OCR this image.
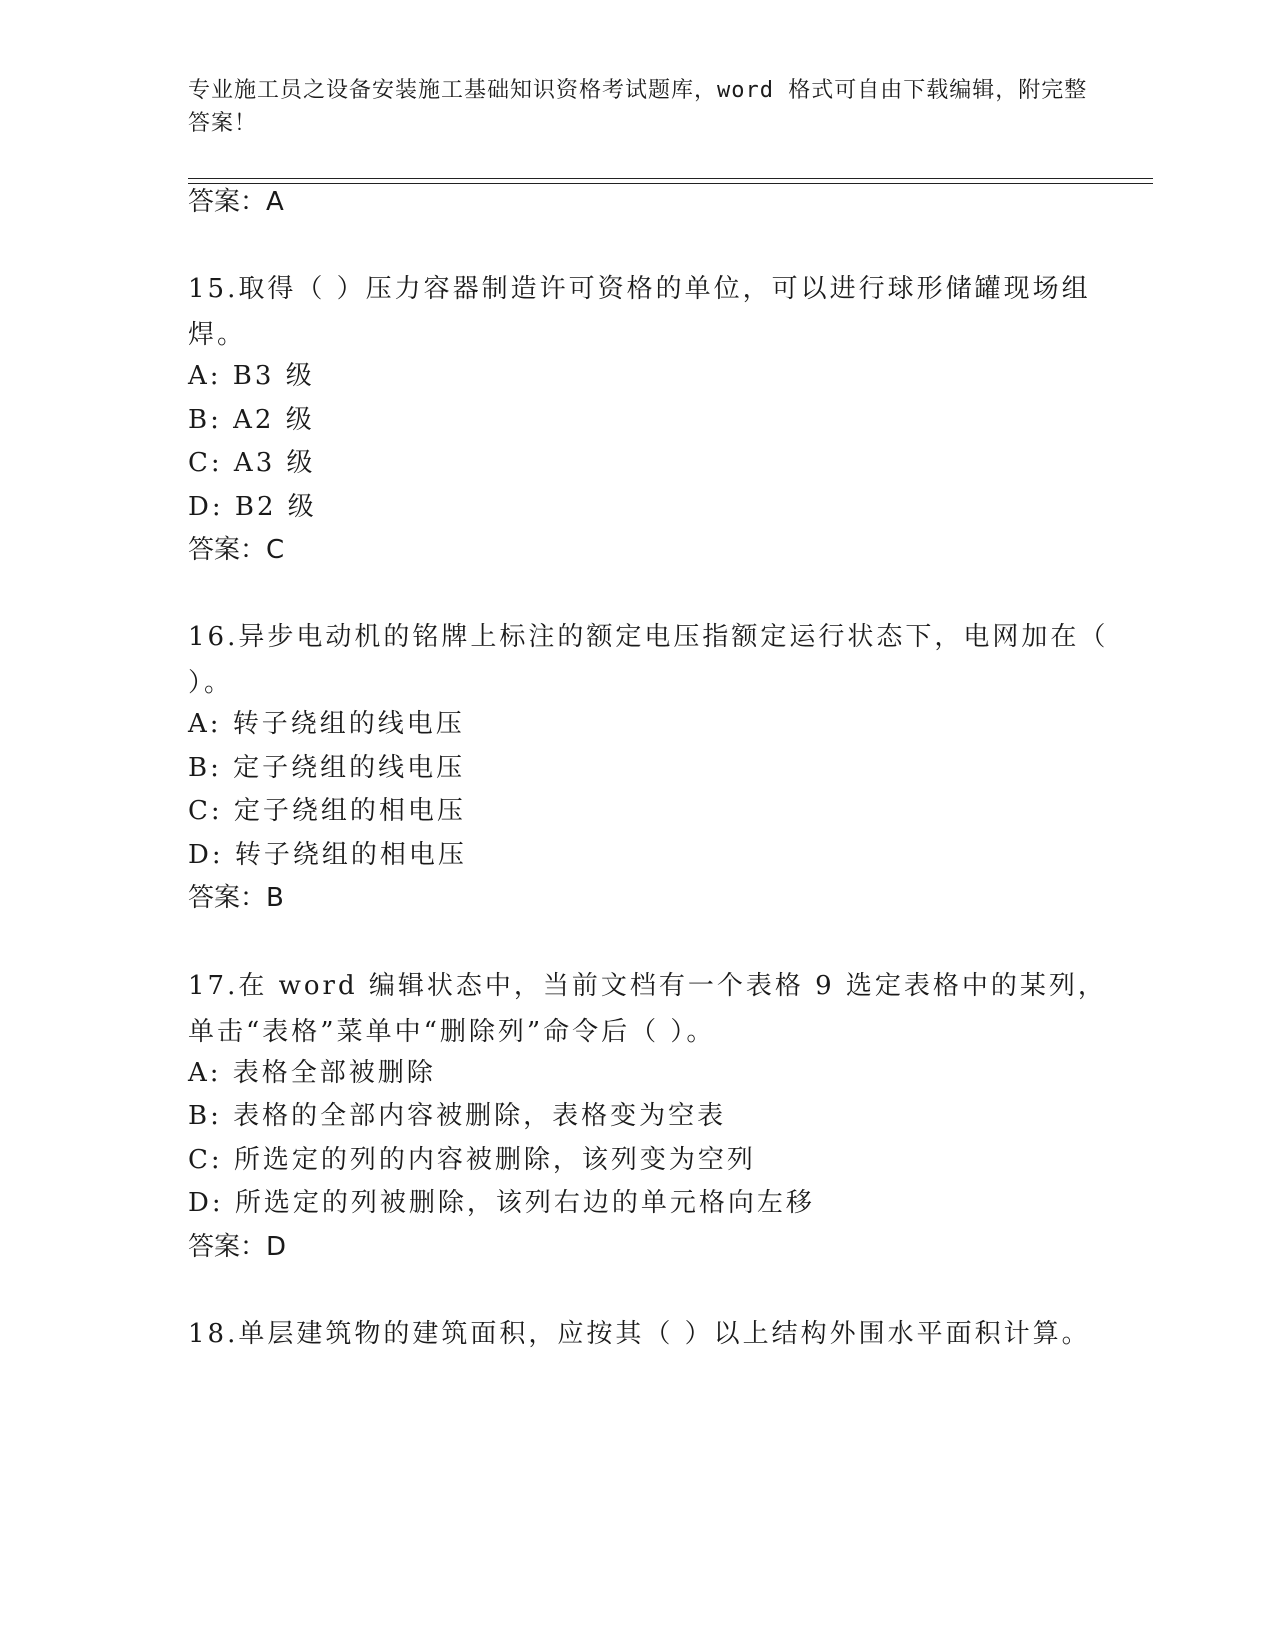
专业施工员之设备安装施工基础知识资格考试题库，word 格式可自由下载编辑，附完整答案！
答案：A
15.取得（ ）压力容器制造许可资格的单位，可以进行球形储罐现场组焊。
A: B3 级
B: A2 级
C: A3 级
D: B2 级
答案：C
16.异步电动机的铭牌上标注的额定电压指额定运行状态下，电网加在（ ）。
A: 转子绕组的线电压
B: 定子绕组的线电压
C: 定子绕组的相电压
D: 转子绕组的相电压
答案：B
17.在 word 编辑状态中，当前文档有一个表格 9 选定表格中的某列，单击“表格”菜单中“删除列”命令后（ ）。
A: 表格全部被删除
B: 表格的全部内容被删除，表格变为空表
C: 所选定的列的内容被删除，该列变为空列
D: 所选定的列被删除，该列右边的单元格向左移
答案：D
18.单层建筑物的建筑面积，应按其（ ）以上结构外围水平面积计算。
